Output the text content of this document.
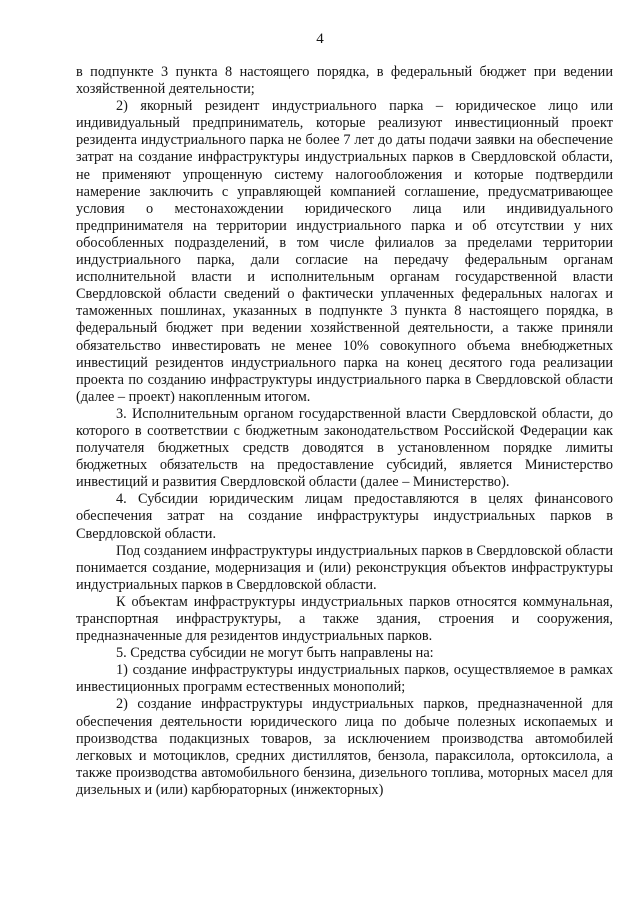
4

в подпункте 3 пункта 8 настоящего порядка, в федеральный бюджет при ведении хозяйственной деятельности;

2) якорный резидент индустриального парка – юридическое лицо или индивидуальный предприниматель, которые реализуют инвестиционный проект резидента индустриального парка не более 7 лет до даты подачи заявки на обеспечение затрат на создание инфраструктуры индустриальных парков в Свердловской области, не применяют упрощенную систему налогообложения и которые подтвердили намерение заключить с управляющей компанией соглашение, предусматривающее условия о местонахождении юридического лица или индивидуального предпринимателя на территории индустриального парка и об отсутствии у них обособленных подразделений, в том числе филиалов за пределами территории индустриального парка, дали согласие на передачу федеральным органам исполнительной власти и исполнительным органам государственной власти Свердловской области сведений о фактически уплаченных федеральных налогах и таможенных пошлинах, указанных в подпункте 3 пункта 8 настоящего порядка, в федеральный бюджет при ведении хозяйственной деятельности, а также приняли обязательство инвестировать не менее 10% совокупного объема внебюджетных инвестиций резидентов индустриального парка на конец десятого года реализации проекта по созданию инфраструктуры индустриального парка в Свердловской области (далее – проект) накопленным итогом.

3. Исполнительным органом государственной власти Свердловской области, до которого в соответствии с бюджетным законодательством Российской Федерации как получателя бюджетных средств доводятся в установленном порядке лимиты бюджетных обязательств на предоставление субсидий, является Министерство инвестиций и развития Свердловской области (далее – Министерство).

4. Субсидии юридическим лицам предоставляются в целях финансового обеспечения затрат на создание инфраструктуры индустриальных парков в Свердловской области.

Под созданием инфраструктуры индустриальных парков в Свердловской области понимается создание, модернизация и (или) реконструкция объектов инфраструктуры индустриальных парков в Свердловской области.

К объектам инфраструктуры индустриальных парков относятся коммунальная, транспортная инфраструктуры, а также здания, строения и сооружения, предназначенные для резидентов индустриальных парков.

5. Средства субсидии не могут быть направлены на:

1) создание инфраструктуры индустриальных парков, осуществляемое в рамках инвестиционных программ естественных монополий;

2) создание инфраструктуры индустриальных парков, предназначенной для обеспечения деятельности юридического лица по добыче полезных ископаемых и производства подакцизных товаров, за исключением производства автомобилей легковых и мотоциклов, средних дистиллятов, бензола, параксилола, ортоксилола, а также производства автомобильного бензина, дизельного топлива, моторных масел для дизельных и (или) карбюраторных (инжекторных)
